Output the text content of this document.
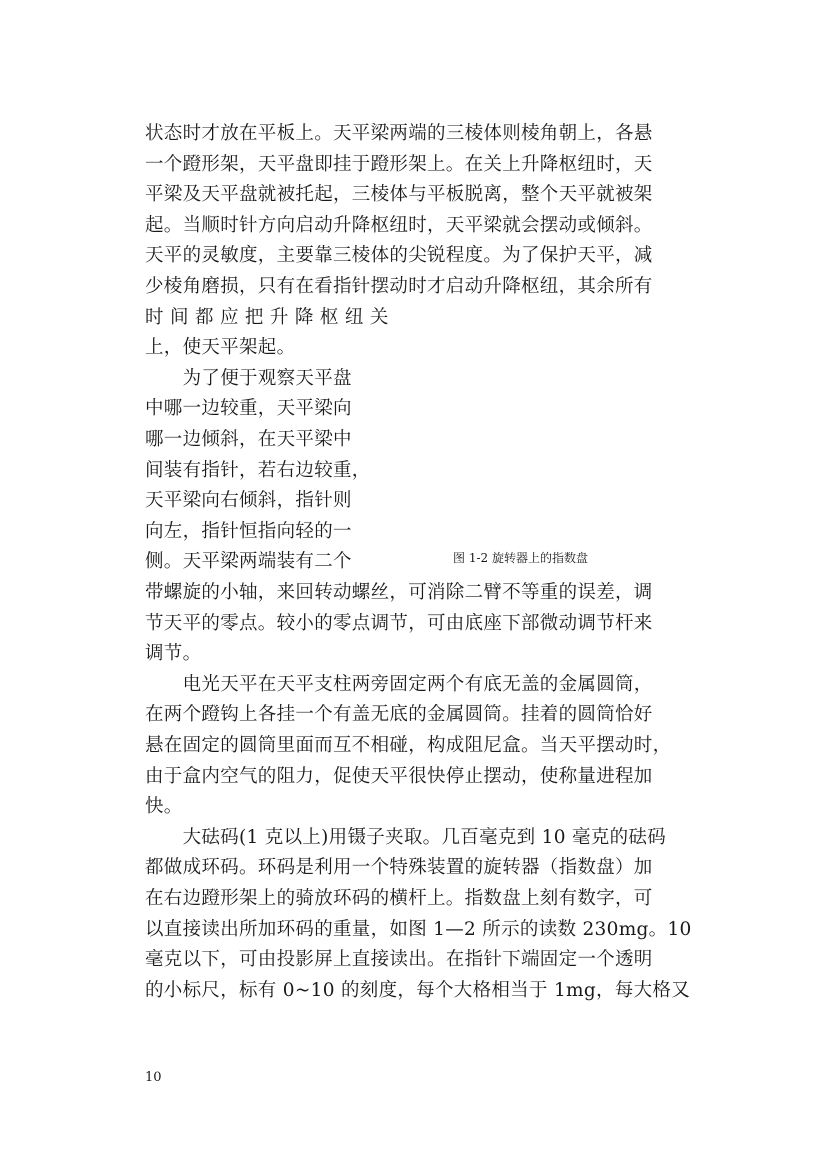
状态时才放在平板上。天平梁两端的三棱体则棱角朝上，各悬
一个蹬形架，天平盘即挂于蹬形架上。在关上升降枢纽时，天
平梁及天平盘就被托起，三棱体与平板脱离，整个天平就被架
起。当顺时针方向启动升降枢纽时，天平梁就会摆动或倾斜。
天平的灵敏度，主要靠三棱体的尖锐程度。为了保护天平，减
少棱角磨损，只有在看指针摆动时才启动升降枢纽，其余所有
时 间 都 应 把 升 降 枢 纽 关
上，使天平架起。
　　为了便于观察天平盘
中哪一边较重，天平梁向
哪一边倾斜，在天平梁中
间装有指针，若右边较重，
天平梁向右倾斜，指针则
向左，指针恒指向轻的一
侧。天平梁两端装有二个
带螺旋的小轴，来回转动螺丝，可消除二臂不等重的误差，调
节天平的零点。较小的零点调节，可由底座下部微动调节杆来
调节。
　　电光天平在天平支柱两旁固定两个有底无盖的金属圆筒，
在两个蹬钩上各挂一个有盖无底的金属圆筒。挂着的圆筒恰好
悬在固定的圆筒里面而互不相碰，构成阻尼盒。当天平摆动时，
由于盒内空气的阻力，促使天平很快停止摆动，使称量进程加
快。
　　大砝码(1 克以上)用镊子夹取。几百毫克到 10 毫克的砝码
都做成环码。环码是利用一个特殊装置的旋转器（指数盘）加
在右边蹬形架上的骑放环码的横杆上。指数盘上刻有数字，可
以直接读出所加环码的重量，如图 1—2 所示的读数 230mg。10
毫克以下，可由投影屏上直接读出。在指针下端固定一个透明
的小标尺，标有 0~10 的刻度，每个大格相当于 1mg，每大格又
图 1-2 旋转器上的指数盘
10
